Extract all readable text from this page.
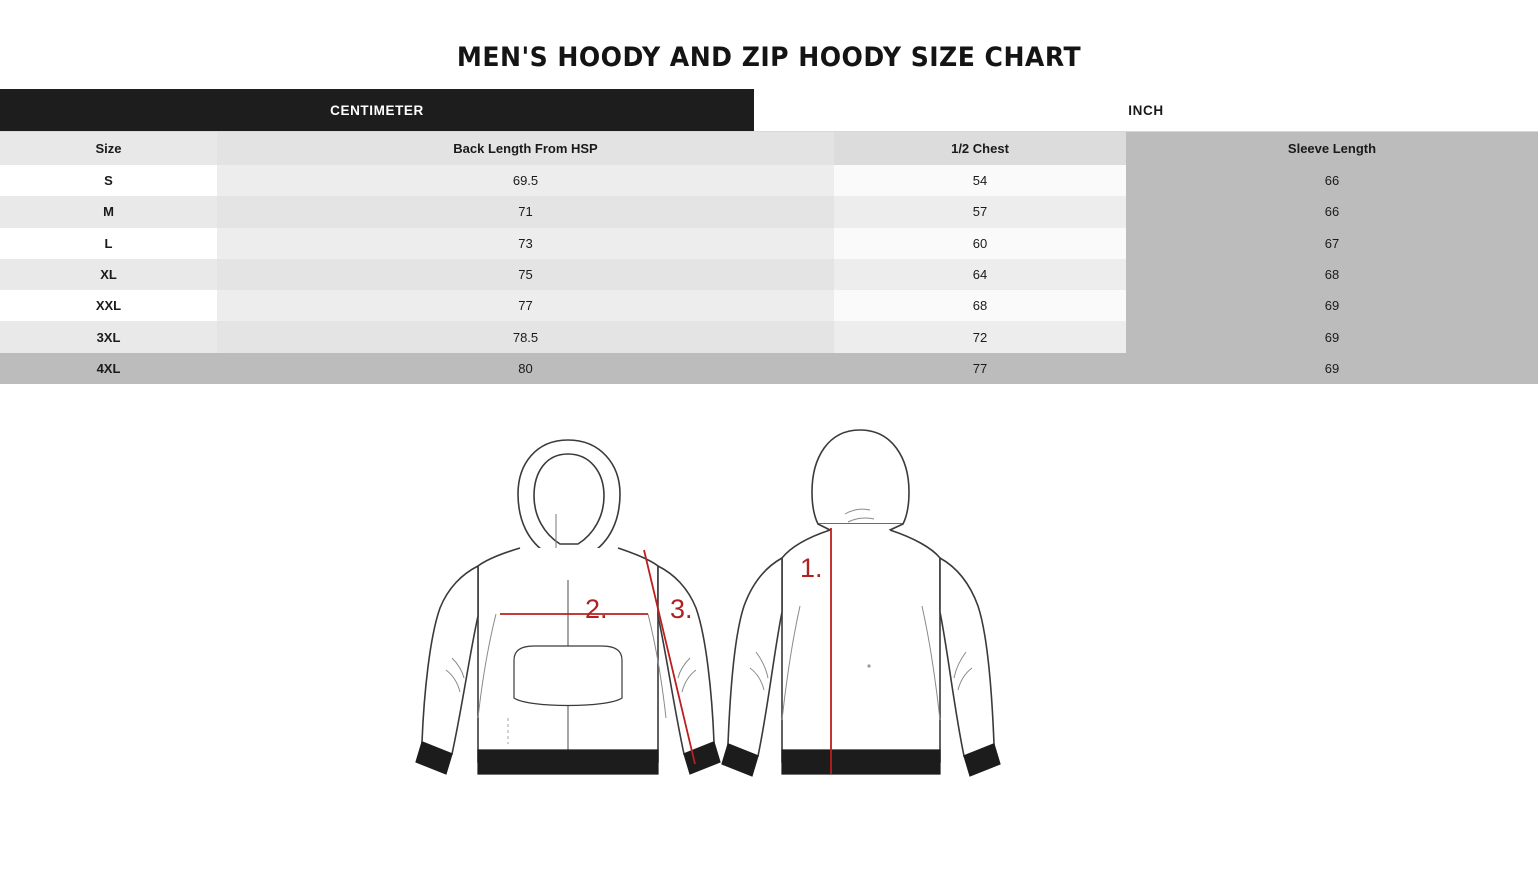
MEN'S HOODY AND ZIP HOODY SIZE CHART
CENTIMETER	INCH
Size	Back Length From HSP	1/2 Chest	Sleeve Length
S	69.5	54	66
M	71	57	66
L	73	60	67
XL	75	64	68
XXL	77	68	69
3XL	78.5	72	69
4XL	80	77	69
2. 3.
1.
